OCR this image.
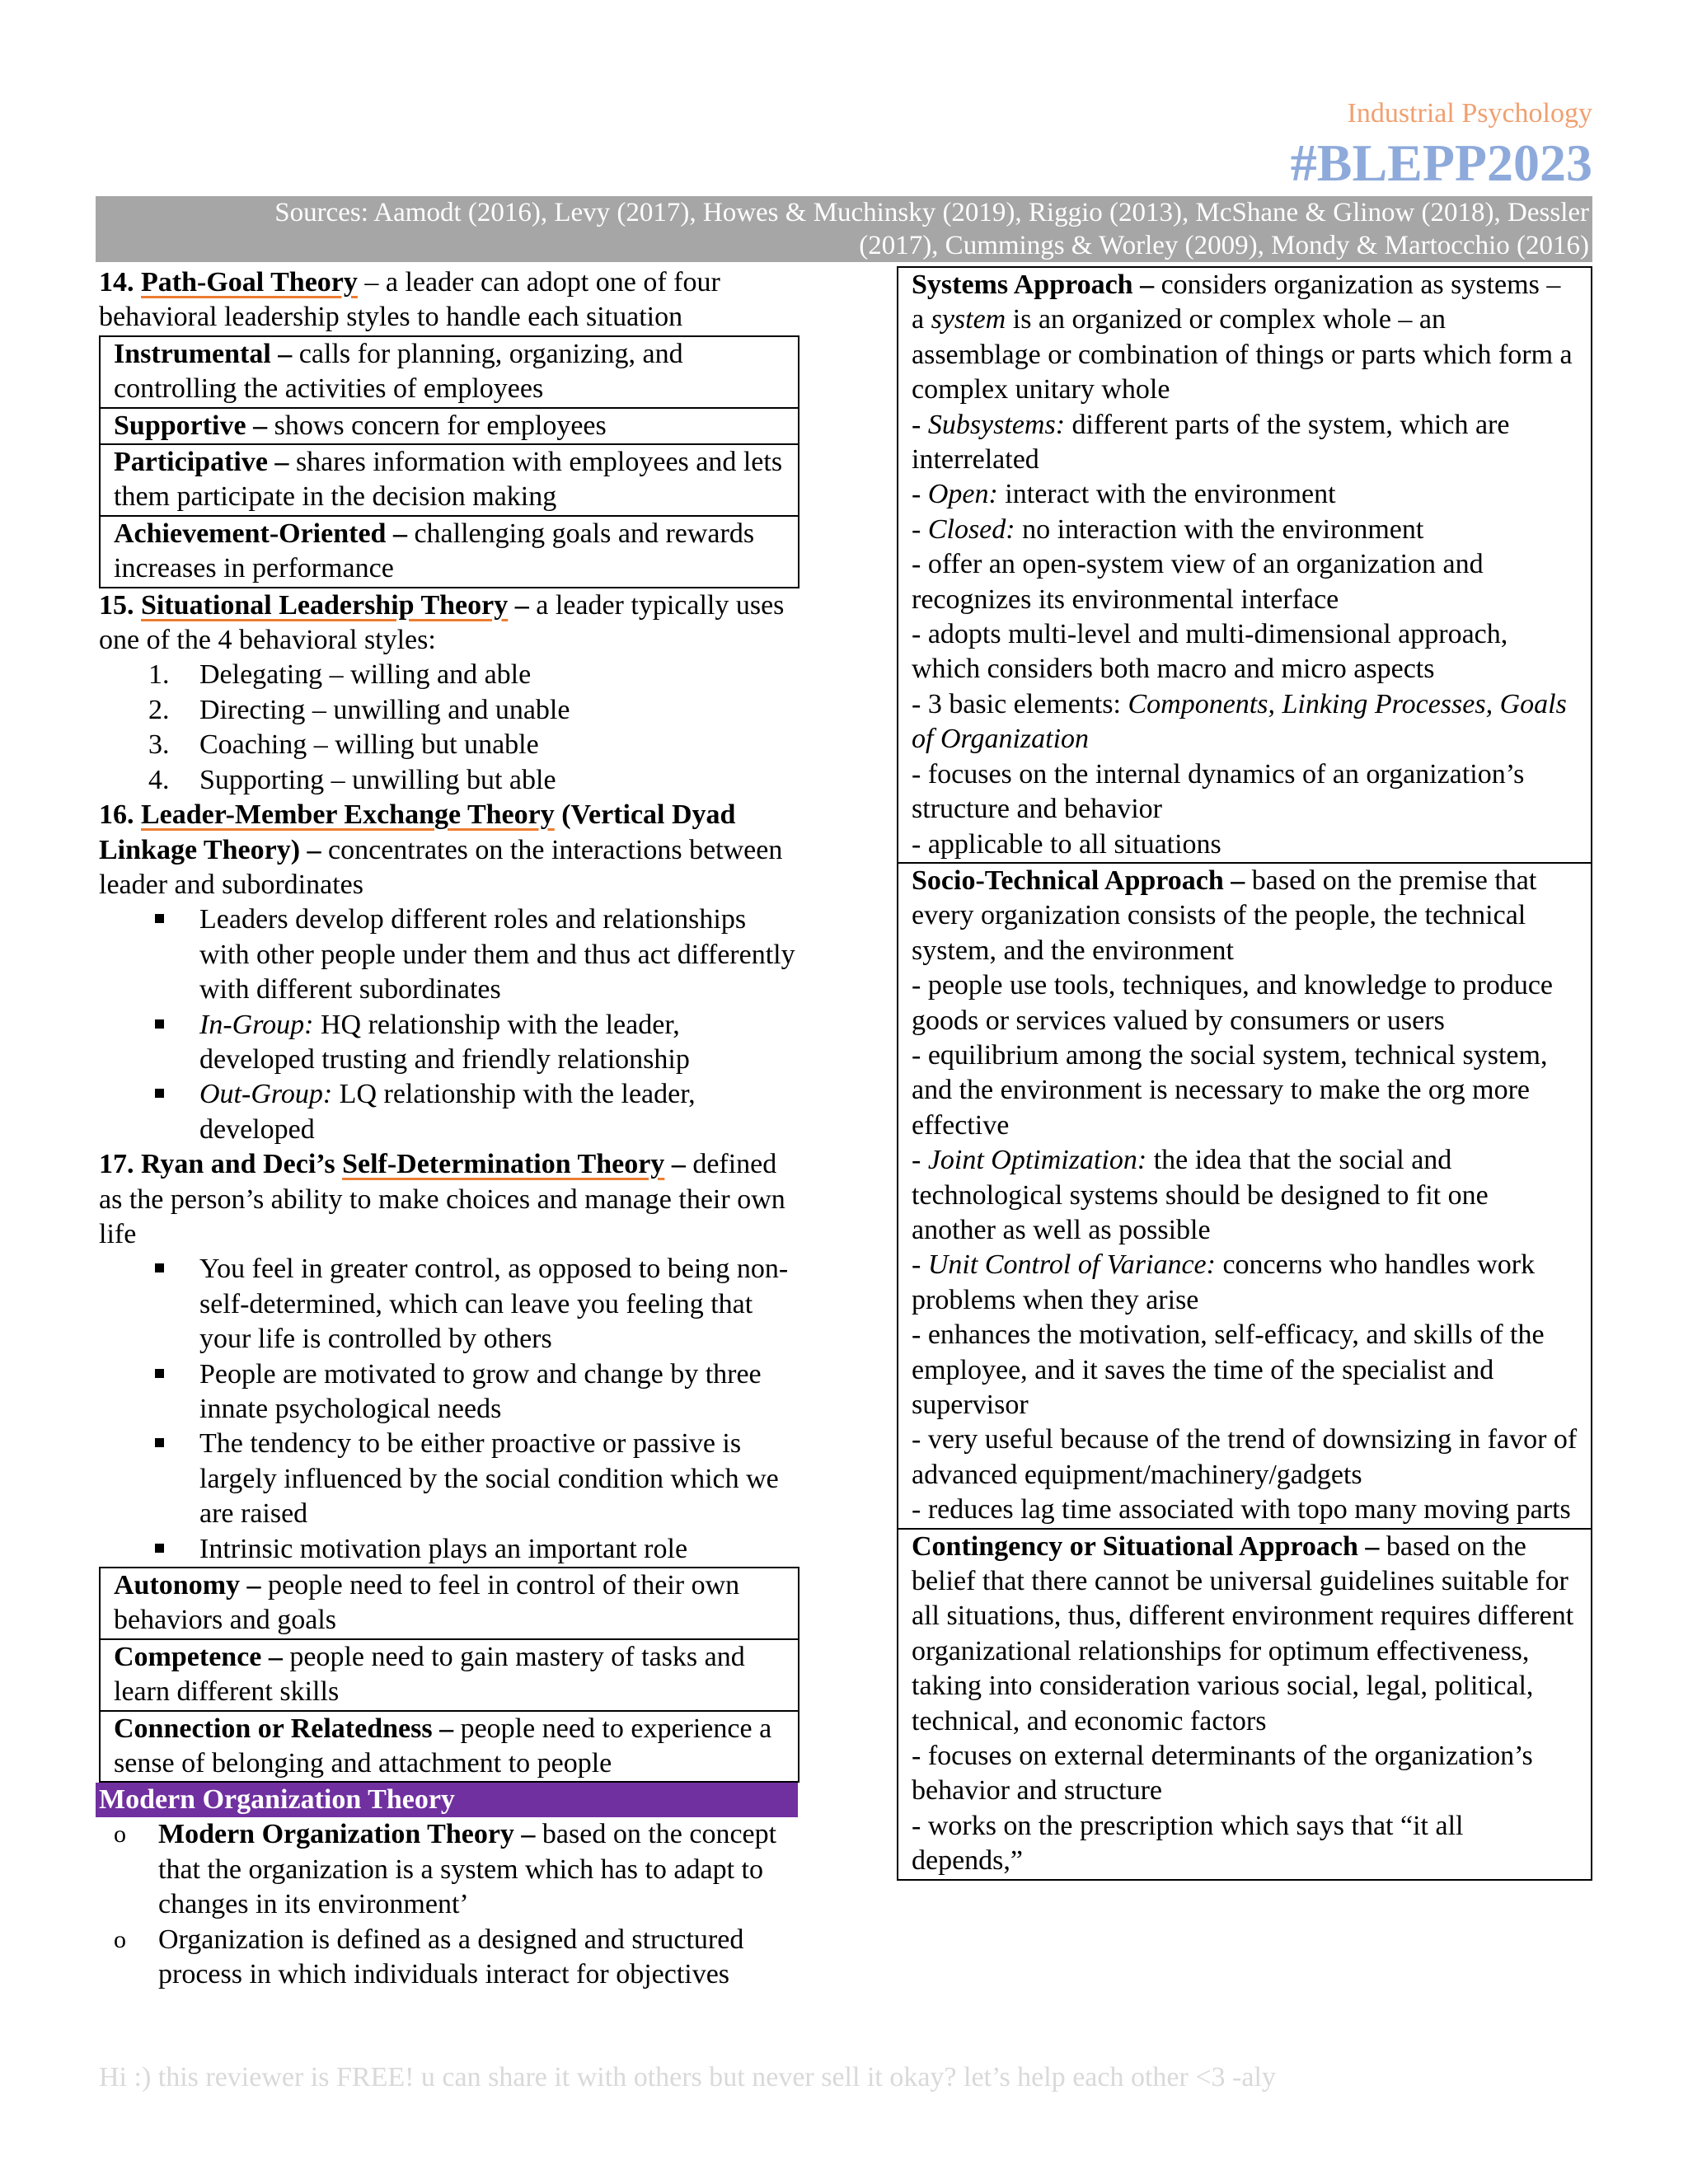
Industrial Psychology
#BLEPP2023
Sources: Aamodt (2016), Levy (2017), Howes & Muchinsky (2019), Riggio (2013), McShane & Glinow (2018), Dessler
(2017), Cummings & Worley (2009), Mondy & Martocchio (2016)

14. Path-Goal Theory – a leader can adopt one of four behavioral leadership styles to handle each situation

Instrumental – calls for planning, organizing, and controlling the activities of employees
Supportive – shows concern for employees
Participative – shares information with employees and lets them participate in the decision making
Achievement-Oriented – challenging goals and rewards increases in performance

15. Situational Leadership Theory – a leader typically uses one of the 4 behavioral styles:

1. Delegating – willing and able
2. Directing – unwilling and unable
3. Coaching – willing but unable
4. Supporting – unwilling but able

16. Leader-Member Exchange Theory (Vertical Dyad Linkage Theory) – concentrates on the interactions between leader and subordinates

Leaders develop different roles and relationships with other people under them and thus act differently with different subordinates
In-Group: HQ relationship with the leader, developed trusting and friendly relationship
Out-Group: LQ relationship with the leader, developed

17. Ryan and Deci’s Self-Determination Theory – defined as the person’s ability to make choices and manage their own life

You feel in greater control, as opposed to being non-self-determined, which can leave you feeling that your life is controlled by others
People are motivated to grow and change by three innate psychological needs
The tendency to be either proactive or passive is largely influenced by the social condition which we are raised
Intrinsic motivation plays an important role
Autonomy – people need to feel in control of their own behaviors and goals
Competence – people need to gain mastery of tasks and learn different skills
Connection or Relatedness – people need to experience a sense of belonging and attachment to people
Modern Organization Theory
o Modern Organization Theory – based on the concept that the organization is a system which has to adapt to changes in its environment’
o Organization is defined as a designed and structured process in which individuals interact for objectives

Systems Approach – considers organization as systems – a system is an organized or complex whole – an assemblage or combination of things or parts which form a complex unitary whole

- Subsystems: different parts of the system, which are interrelated

- Open: interact with the environment

- Closed: no interaction with the environment

- offer an open-system view of an organization and recognizes its environmental interface

- adopts multi-level and multi-dimensional approach, which considers both macro and micro aspects

- 3 basic elements: Components, Linking Processes, Goals of Organization

- focuses on the internal dynamics of an organization’s structure and behavior

- applicable to all situations

Socio-Technical Approach – based on the premise that every organization consists of the people, the technical system, and the environment

- people use tools, techniques, and knowledge to produce goods or services valued by consumers or users

- equilibrium among the social system, technical system, and the environment is necessary to make the org more effective

- Joint Optimization: the idea that the social and technological systems should be designed to fit one another as well as possible

- Unit Control of Variance: concerns who handles work problems when they arise

- enhances the motivation, self-efficacy, and skills of the employee, and it saves the time of the specialist and supervisor

- very useful because of the trend of downsizing in favor of advanced equipment/machinery/gadgets

- reduces lag time associated with topo many moving parts

Contingency or Situational Approach – based on the belief that there cannot be universal guidelines suitable for all situations, thus, different environment requires different organizational relationships for optimum effectiveness, taking into consideration various social, legal, political, technical, and economic factors

- focuses on external determinants of the organization’s behavior and structure

- works on the prescription which says that “it all depends,”

Hi :) this reviewer is FREE! u can share it with others but never sell it okay? let’s help each other <3 -aly
